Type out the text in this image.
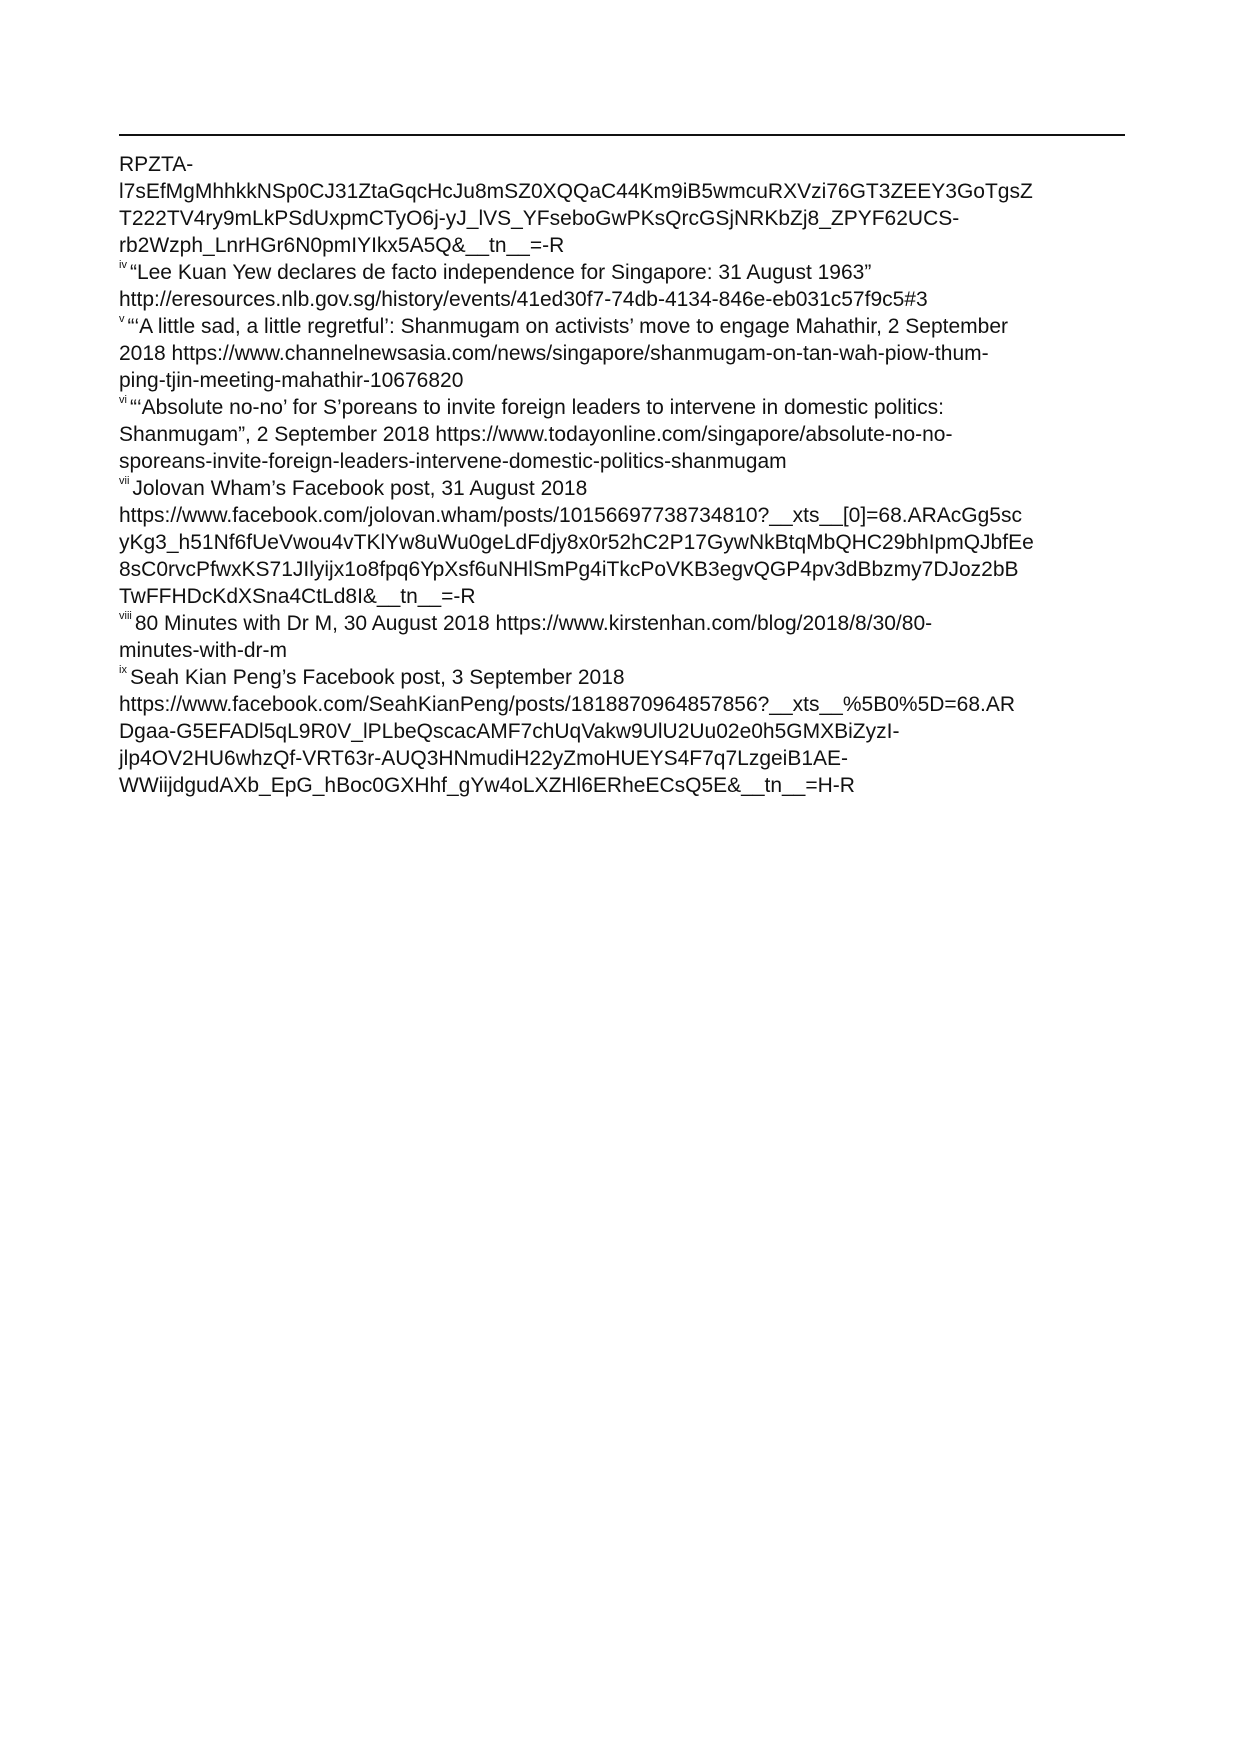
RPZTA-
l7sEfMgMhhkkNSp0CJ31ZtaGqcHcJu8mSZ0XQQaC44Km9iB5wmcuRXVzi76GT3ZEEY3GoTgsZ
T222TV4ry9mLkPSdUxpmCTyO6j-yJ_lVS_YFseboGwPKsQrcGSjNRKbZj8_ZPYF62UCS-
rb2Wzph_LnrHGr6N0pmIYIkx5A5Q&__tn__=-R
$^{iv}$ “Lee Kuan Yew declares de facto independence for Singapore: 31 August 1963”
http://eresources.nlb.gov.sg/history/events/41ed30f7-74db-4134-846e-eb031c57f9c5#3
$^v$ “‘A little sad, a little regretful’: Shanmugam on activists’ move to engage Mahathir, 2 September
2018 https://www.channelnewsasia.com/news/singapore/shanmugam-on-tan-wah-piow-thum-
ping-tjin-meeting-mahathir-10676820
$^{vi}$ “‘Absolute no-no’ for S’poreans to invite foreign leaders to intervene in domestic politics:
Shanmugam”, 2 September 2018 https://www.todayonline.com/singapore/absolute-no-no-
sporeans-invite-foreign-leaders-intervene-domestic-politics-shanmugam
$^{vii}$ Jolovan Wham’s Facebook post, 31 August 2018
https://www.facebook.com/jolovan.wham/posts/10156697738734810?__xts__[0]=68.ARAcGg5sc
yKg3_h51Nf6fUeVwou4vTKlYw8uWu0geLdFdjy8x0r52hC2P17GywNkBtqMbQHC29bhIpmQJbfEe
8sC0rvcPfwxKS71JIlyijx1o8fpq6YpXsf6uNHlSmPg4iTkcPoVKB3egvQGP4pv3dBbzmy7DJoz2bB
TwFFHDcKdXSna4CtLd8I&__tn__=-R
$^{viii}$ 80 Minutes with Dr M, 30 August 2018 https://www.kirstenhan.com/blog/2018/8/30/80-
minutes-with-dr-m
$^{ix}$ Seah Kian Peng’s Facebook post, 3 September 2018
https://www.facebook.com/SeahKianPeng/posts/1818870964857856?__xts__%5B0%5D=68.AR
Dgaa-G5EFADl5qL9R0V_lPLbeQscacAMF7chUqVakw9UlU2Uu02e0h5GMXBiZyzI-
jlp4OV2HU6whzQf-VRT63r-AUQ3HNmudiH22yZmoHUEYS4F7q7LzgeiB1AE-
WWiijdgudAXb_EpG_hBoc0GXHhf_gYw4oLXZHl6ERheECsQ5E&__tn__=H-R
